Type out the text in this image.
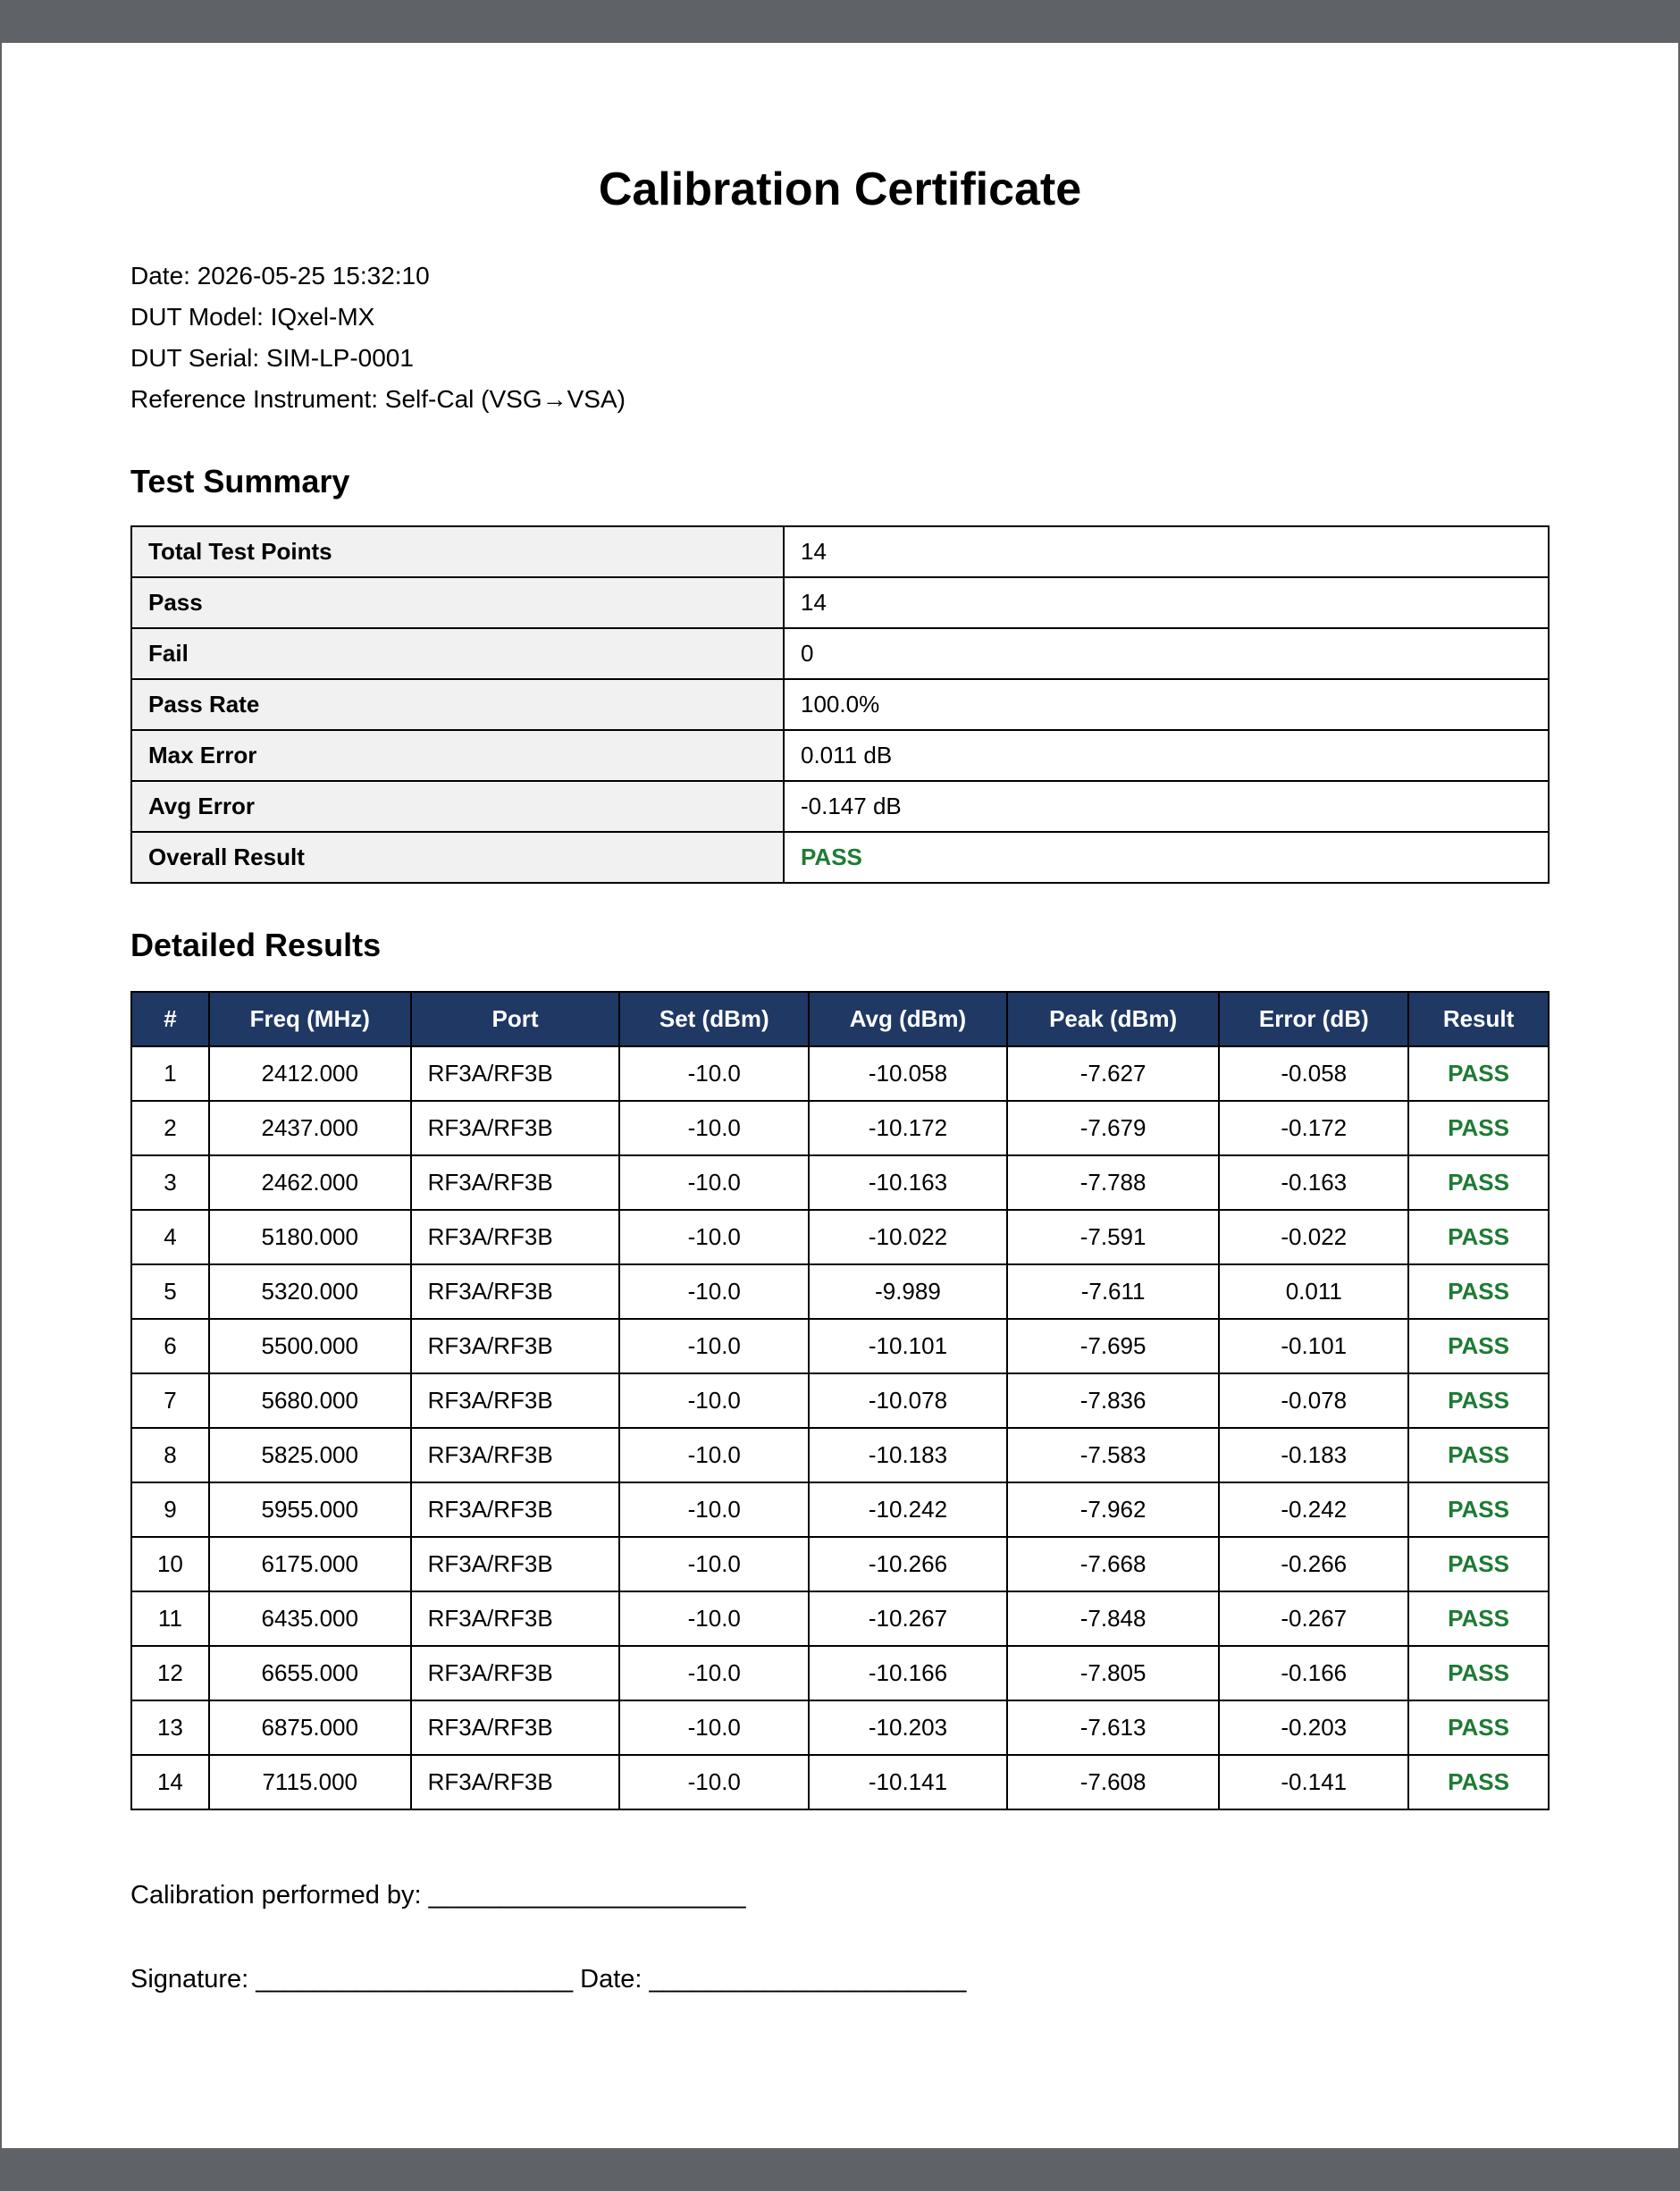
Calibration Certificate
Date: 2026-05-25 15:32:10
DUT Model: IQxel-MX
DUT Serial: SIM-LP-0001
Reference Instrument: Self-Cal (VSG→VSA)
Test Summary
Total Test Points	14
Pass	14
Fail	0
Pass Rate	100.0%
Max Error	0.011 dB
Avg Error	-0.147 dB
Overall Result	PASS
Detailed Results
#	Freq (MHz)	Port	Set (dBm)	Avg (dBm)	Peak (dBm)	Error (dB)	Result
1	2412.000	RF3A/RF3B	-10.0	-10.058	-7.627	-0.058	PASS
2	2437.000	RF3A/RF3B	-10.0	-10.172	-7.679	-0.172	PASS
3	2462.000	RF3A/RF3B	-10.0	-10.163	-7.788	-0.163	PASS
4	5180.000	RF3A/RF3B	-10.0	-10.022	-7.591	-0.022	PASS
5	5320.000	RF3A/RF3B	-10.0	-9.989	-7.611	0.011	PASS
6	5500.000	RF3A/RF3B	-10.0	-10.101	-7.695	-0.101	PASS
7	5680.000	RF3A/RF3B	-10.0	-10.078	-7.836	-0.078	PASS
8	5825.000	RF3A/RF3B	-10.0	-10.183	-7.583	-0.183	PASS
9	5955.000	RF3A/RF3B	-10.0	-10.242	-7.962	-0.242	PASS
10	6175.000	RF3A/RF3B	-10.0	-10.266	-7.668	-0.266	PASS
11	6435.000	RF3A/RF3B	-10.0	-10.267	-7.848	-0.267	PASS
12	6655.000	RF3A/RF3B	-10.0	-10.166	-7.805	-0.166	PASS
13	6875.000	RF3A/RF3B	-10.0	-10.203	-7.613	-0.203	PASS
14	7115.000	RF3A/RF3B	-10.0	-10.141	-7.608	-0.141	PASS
Calibration performed by: ______________________
Signature: ______________________ Date: ______________________
